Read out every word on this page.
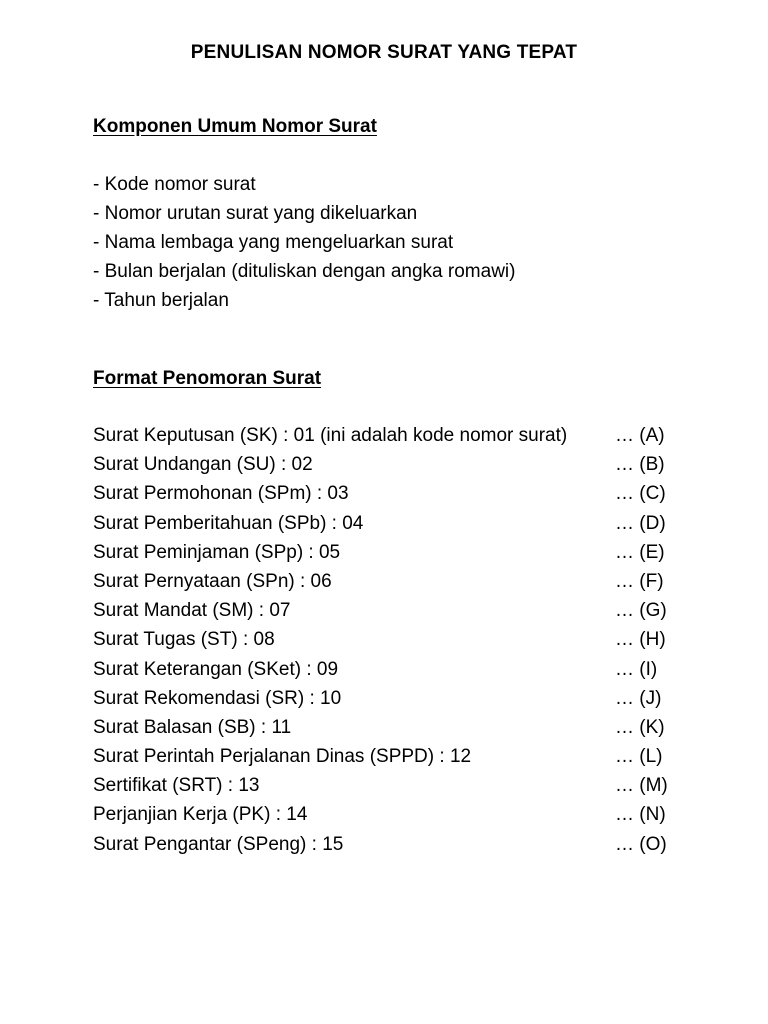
PENULISAN NOMOR SURAT YANG TEPAT
Komponen Umum Nomor Surat
- Kode nomor surat
- Nomor urutan surat yang dikeluarkan
- Nama lembaga yang mengeluarkan surat
- Bulan berjalan (dituliskan dengan angka romawi)
- Tahun berjalan
Format Penomoran Surat
Surat Keputusan (SK) : 01 (ini adalah kode nomor surat)	… (A)
Surat Undangan (SU) : 02	… (B)
Surat Permohonan (SPm) : 03	… (C)
Surat Pemberitahuan (SPb) : 04	… (D)
Surat Peminjaman (SPp) : 05	… (E)
Surat Pernyataan (SPn) : 06	… (F)
Surat Mandat (SM) : 07	… (G)
Surat Tugas (ST) : 08	… (H)
Surat Keterangan (SKet) : 09	… (I)
Surat Rekomendasi (SR) : 10	… (J)
Surat Balasan (SB) : 11	… (K)
Surat Perintah Perjalanan Dinas (SPPD) : 12	… (L)
Sertifikat (SRT) : 13	… (M)
Perjanjian Kerja (PK) : 14	… (N)
Surat Pengantar (SPeng) : 15	… (O)
